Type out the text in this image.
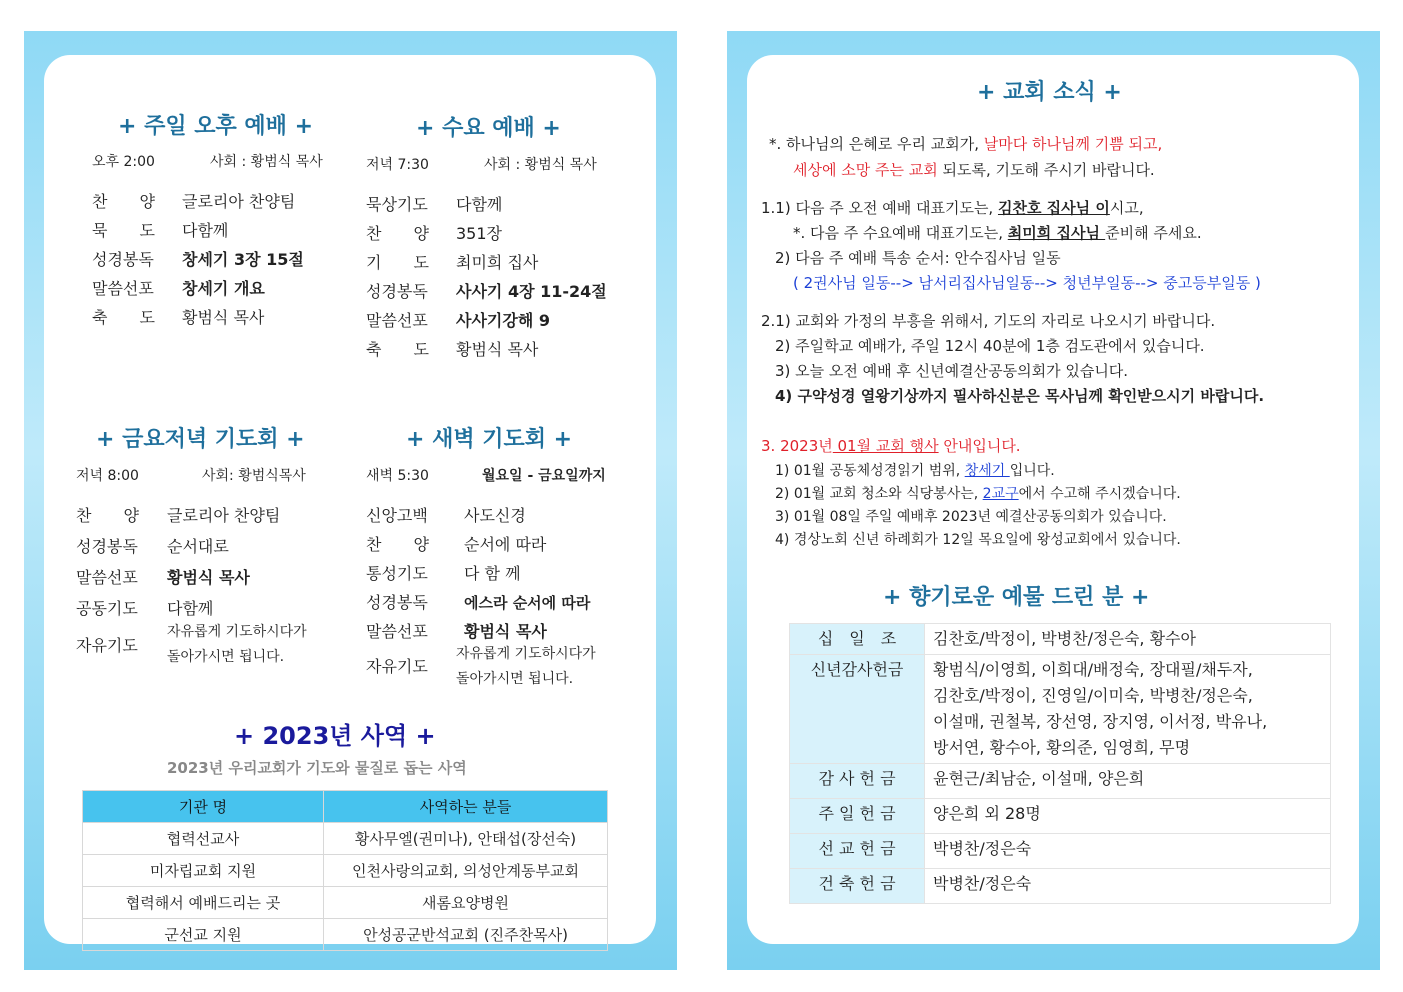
+ 주일 오후 예배 +
오후 2:00	사회 : 황범식 목사
찬　　양 글로리아 찬양팀
묵　　도 다함께
성경봉독 창세기 3장 15절
말씀선포 창세기 개요
축　　도 황범식 목사
+ 수요 예배 +
저녁 7:30	사회 : 황범식 목사
묵상기도 다함께
찬　　양 351장
기　　도 최미희 집사
성경봉독 사사기 4장 11-24절
말씀선포 사사기강해 9
축　　도 황범식 목사
+ 금요저녁 기도회 +
저녁 8:00	사회: 황범식목사
찬　　양 글로리아 찬양팀
성경봉독 순서대로
말씀선포 황범식 목사
공동기도 다함께
자유기도
자유롭게 기도하시다가
돌아가시면 됩니다.
+ 새벽 기도회 +
새벽 5:30	월요일 - 금요일까지
신앙고백 사도신경
찬　　양 순서에 따라
통성기도 다 함 께
성경봉독 에스라 순서에 따라
말씀선포 황범식 목사
자유기도
자유롭게 기도하시다가
돌아가시면 됩니다.
+ 2023년 사역 +
2023년 우리교회가 기도와 물질로 돕는 사역
기관 명	사역하는 분들
협력선교사	황사무엘(권미나), 안태섭(장선숙)
미자립교회 지원	인천사랑의교회, 의성안계동부교회
협력해서 예배드리는 곳	새롬요양병원
군선교 지원	안성공군반석교회 (진주찬목사)
+ 교회 소식 +
*. 하나님의 은혜로 우리 교회가, 날마다 하나님께 기쁨 되고,
세상에 소망 주는 교회 되도록, 기도해 주시기 바랍니다.
1.1) 다음 주 오전 예배 대표기도는, 김찬호 집사님 이시고,
*. 다음 주 수요예배 대표기도는, 최미희 집사님 준비해 주세요.
2) 다음 주 예배 특송 순서: 안수집사님 일동
( 2권사님 일동--> 남서리집사님일동--> 청년부일동--> 중고등부일동 )
2.1) 교회와 가정의 부흥을 위해서, 기도의 자리로 나오시기 바랍니다.
2) 주일학교 예배가, 주일 12시 40분에 1층 검도관에서 있습니다.
3) 오늘 오전 예배 후 신년예결산공동의회가 있습니다.
4) 구약성경 열왕기상까지 필사하신분은 목사님께 확인받으시기 바랍니다.
3. 2023년 01월 교회 행사 안내입니다.
1) 01월 공동체성경읽기 범위, 창세기 입니다.
2) 01월 교회 청소와 식당봉사는, 2교구에서 수고해 주시겠습니다.
3) 01월 08일 주일 예배후 2023년 예결산공동의회가 있습니다.
4) 경상노회 신년 하례회가 12일 목요일에 왕성교회에서 있습니다.
+ 향기로운 예물 드린 분 +
십　일　조	김찬호/박정이, 박병찬/정은숙, 황수아

신년감사헌금	황범식/이영희, 이희대/배정숙, 장대필/채두자,
김찬호/박정이, 진영일/이미숙, 박병찬/정은숙,
이설매, 권철복, 장선영, 장지영, 이서정, 박유나,
방서연, 황수아, 황의준, 임영희, 무명

감 사 헌 금	윤현근/최남순, 이설매, 양은희

주 일 헌 금	양은희 외 28명

선 교 헌 금	박병찬/정은숙

건 축 헌 금	박병찬/정은숙
